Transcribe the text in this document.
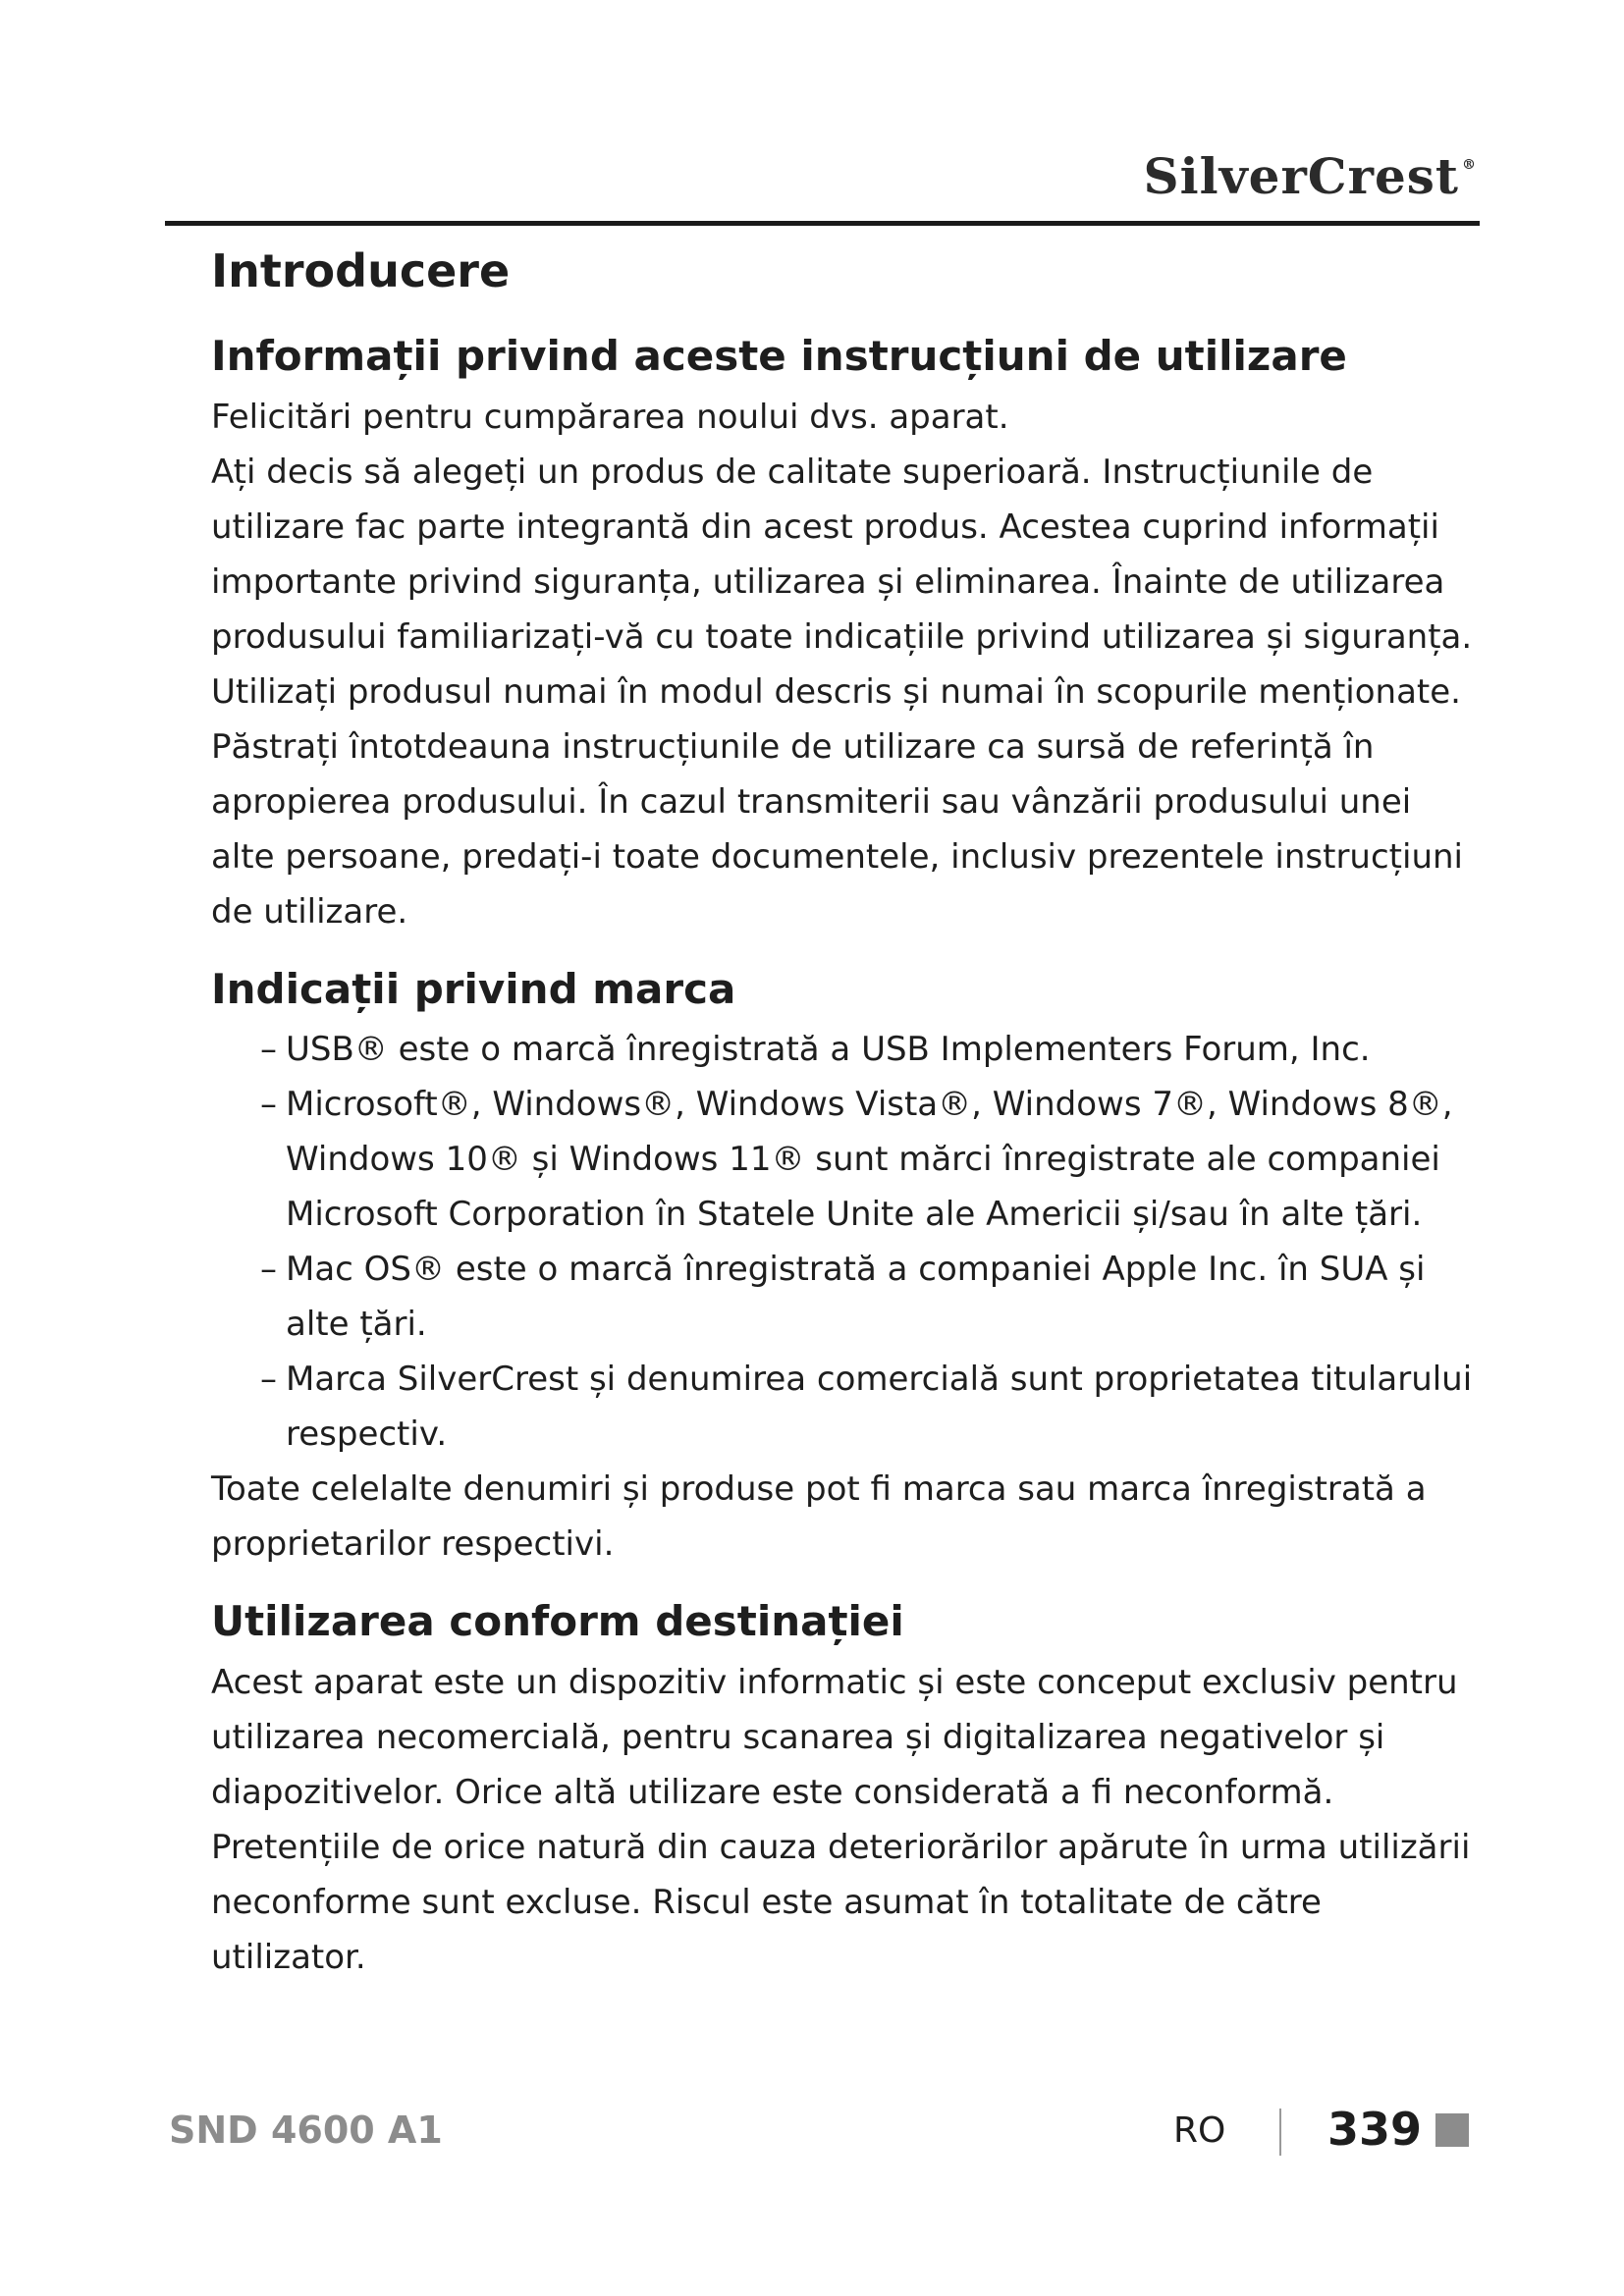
SilverCrest ®
Introducere
Informații privind aceste instrucțiuni de utilizare

Felicitări pentru cumpărarea noului dvs. aparat.

Ați decis să alegeți un produs de calitate superioară. Instrucțiunile de utilizare fac parte integrantă din acest produs. Acestea cuprind informații importante privind siguranța, utilizarea și eliminarea. Înainte de utilizarea produsului familiarizați-vă cu toate indicațiile privind utilizarea și siguranța. Utilizați produsul numai în modul descris și numai în scopurile menționate. Păstrați întotdeauna instrucțiunile de utilizare ca sursă de referință în apropierea produsului. În cazul transmiterii sau vânzării produsului unei alte persoane, predați-i toate documentele, inclusiv prezentele instrucțiuni de utilizare.

Indicații privind marca
– USB® este o marcă înregistrată a USB Implementers Forum, Inc.
– Microsoft®, Windows®, Windows Vista®, Windows 7®, Windows 8®, Windows 10® și Windows 11® sunt mărci înregistrate ale companiei Microsoft Corporation în Statele Unite ale Americii și/sau în alte țări.
– Mac OS® este o marcă înregistrată a companiei Apple Inc. în SUA și alte țări.
– Marca SilverCrest și denumirea comercială sunt proprietatea titularului respectiv.

Toate celelalte denumiri și produse pot fi marca sau marca înregistrată a proprietarilor respectivi.

Utilizarea conform destinației

Acest aparat este un dispozitiv informatic și este conceput exclusiv pentru utilizarea necomercială, pentru scanarea și digitalizarea negativelor și diapozitivelor. Orice altă utilizare este considerată a fi neconformă. Pretențiile de orice natură din cauza deteriorărilor apărute în urma utilizării neconforme sunt excluse. Riscul este asumat în totalitate de către utilizator.

SND 4600 A1	RO 339
